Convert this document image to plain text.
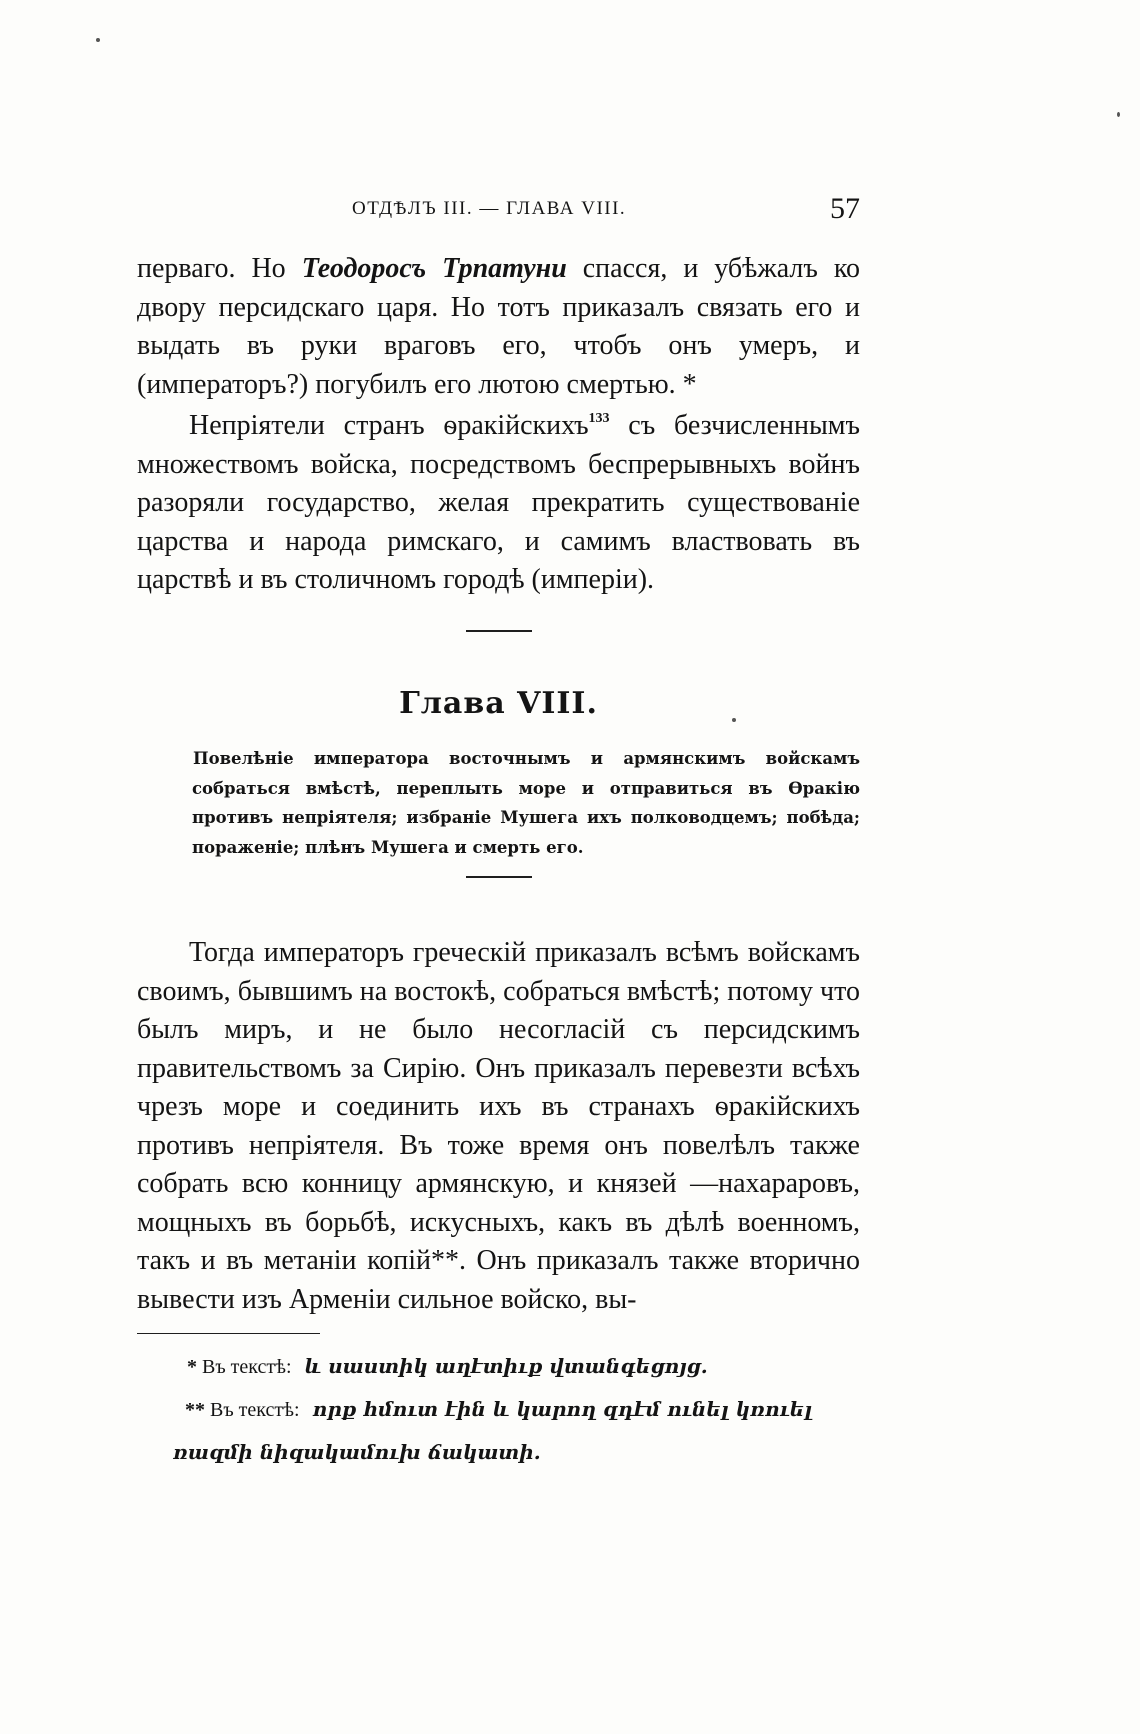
ОТДѢЛЪ III. — ГЛАВА VIII.	57

перваго. Но Теодоросъ Трпатуни спасся, и убѣжалъ ко двору персидскаго царя. Но тотъ приказалъ связать его и выдать въ руки враговъ его, чтобъ онъ умеръ, и (императоръ?) погубилъ его лютою смертью. *

Непріятели странъ ѳракійскихъ$^{133}$ съ безчисленнымъ множествомъ войска, посредствомъ беспрерывныхъ войнъ разоряли государство, желая прекратить существованіе царства и народа римскаго, и самимъ властвовать въ царствѣ и въ столичномъ городѣ (имперіи).

Глава VIII.
Повелѣніе императора восточнымъ и армянскимъ войскамъ собраться вмѣстѣ, переплыть море и отправиться въ Ѳракію противъ непріятеля; избраніе Мушега ихъ полководцемъ; побѣда; пораженіе; плѣнъ Мушега и смерть его.

Тогда императоръ греческій приказалъ всѣмъ войскамъ своимъ, бывшимъ на востокѣ, собраться вмѣстѣ; потому что былъ миръ, и не было несогласій съ персидскимъ правительствомъ за Сирію. Онъ приказалъ перевезти всѣхъ чрезъ море и соединить ихъ въ странахъ ѳракійскихъ противъ непріятеля. Въ тоже время онъ повелѣлъ также собрать всю конницу армянскую, и князей —нахараровъ, мощныхъ въ борьбѣ, искусныхъ, какъ въ дѣлѣ военномъ, такъ и въ метаніи копій**. Онъ приказалъ также вторично вывести изъ Арменіи сильное войско, вы-

* Въ текстѣ: և սաստիկ աղէտիւք վտանգեցոյց.

** Въ текстѣ: որք հմուտ էին և կարող զդէմ ունել կռուել
ռազմի նիզակամուխ ճակատի.
